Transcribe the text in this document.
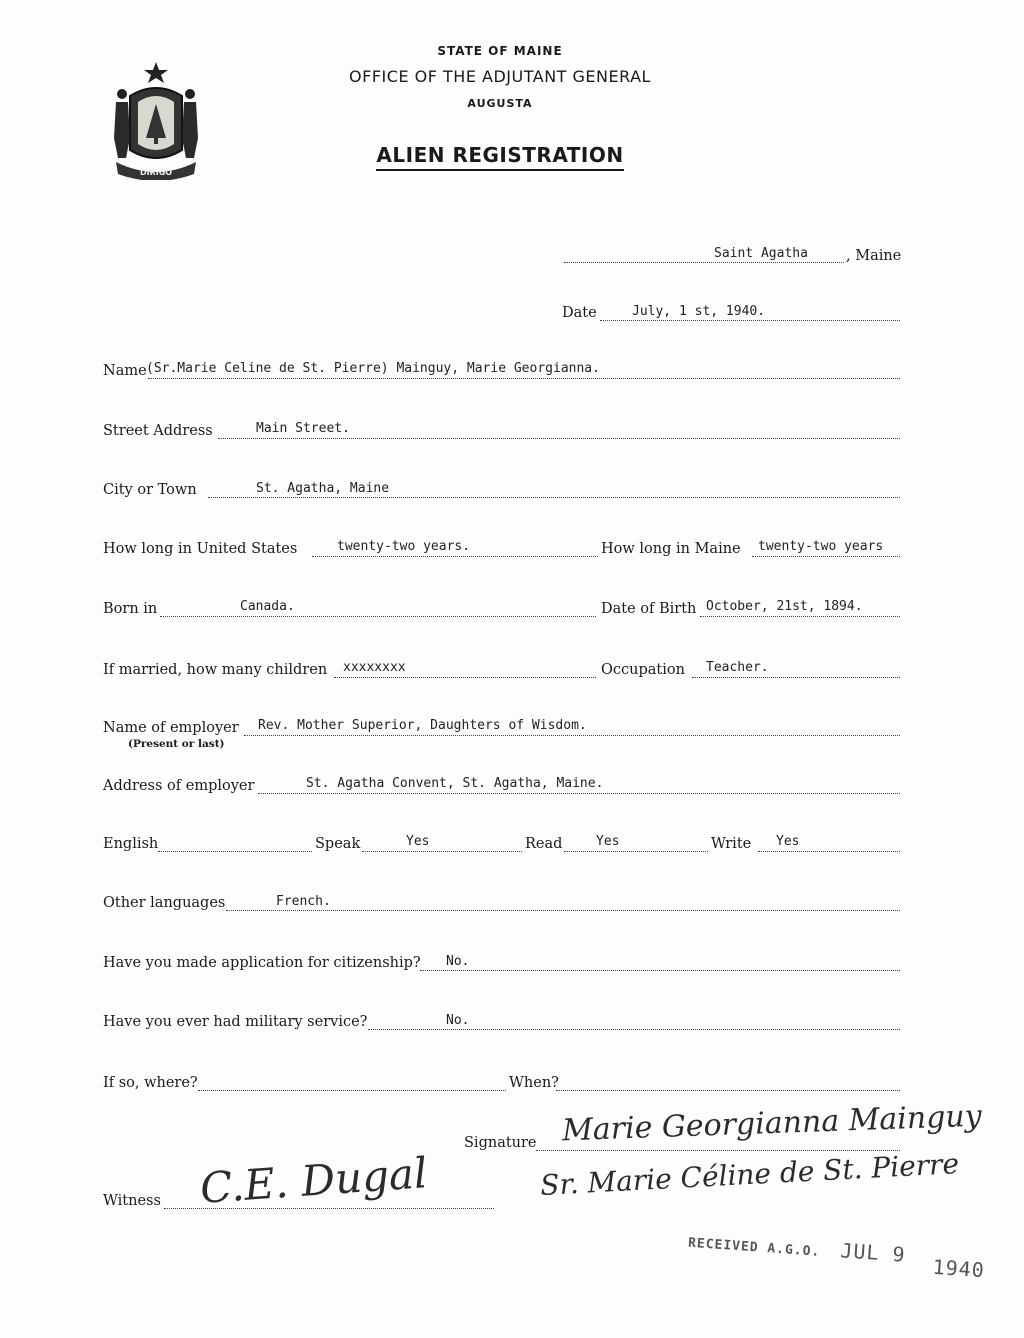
DIRIGO
STATE OF MAINE
OFFICE OF THE ADJUTANT GENERAL
AUGUSTA
ALIEN REGISTRATION
Saint Agatha	, Maine
Date	July, 1 st, 1940.
Name (Sr.Marie Celine de St. Pierre) Mainguy, Marie Georgianna.
Street Address	Main Street.
City or Town	St. Agatha, Maine
How long in United States	twenty-two years.	How long in Maine twenty-two years
Born in	Canada.	Date of Birth October, 21st, 1894.
If married, how many children xxxxxxxx	Occupation Teacher.
Name of employer
(Present or last)
Rev. Mother Superior, Daughters of Wisdom.
Address of employer	St. Agatha Convent, St. Agatha, Maine.
English	Speak	Yes	Read	Yes	Write Yes
Other languages	French.
Have you made application for citizenship? No.
Have you ever had military service?	No.
If so, where?	When?
Signature Marie Georgianna Mainguy
Sr. Marie Céline de St. Pierre
Witness C.E. Dugal
RECEIVED A.G.O. JUL 9 1940
